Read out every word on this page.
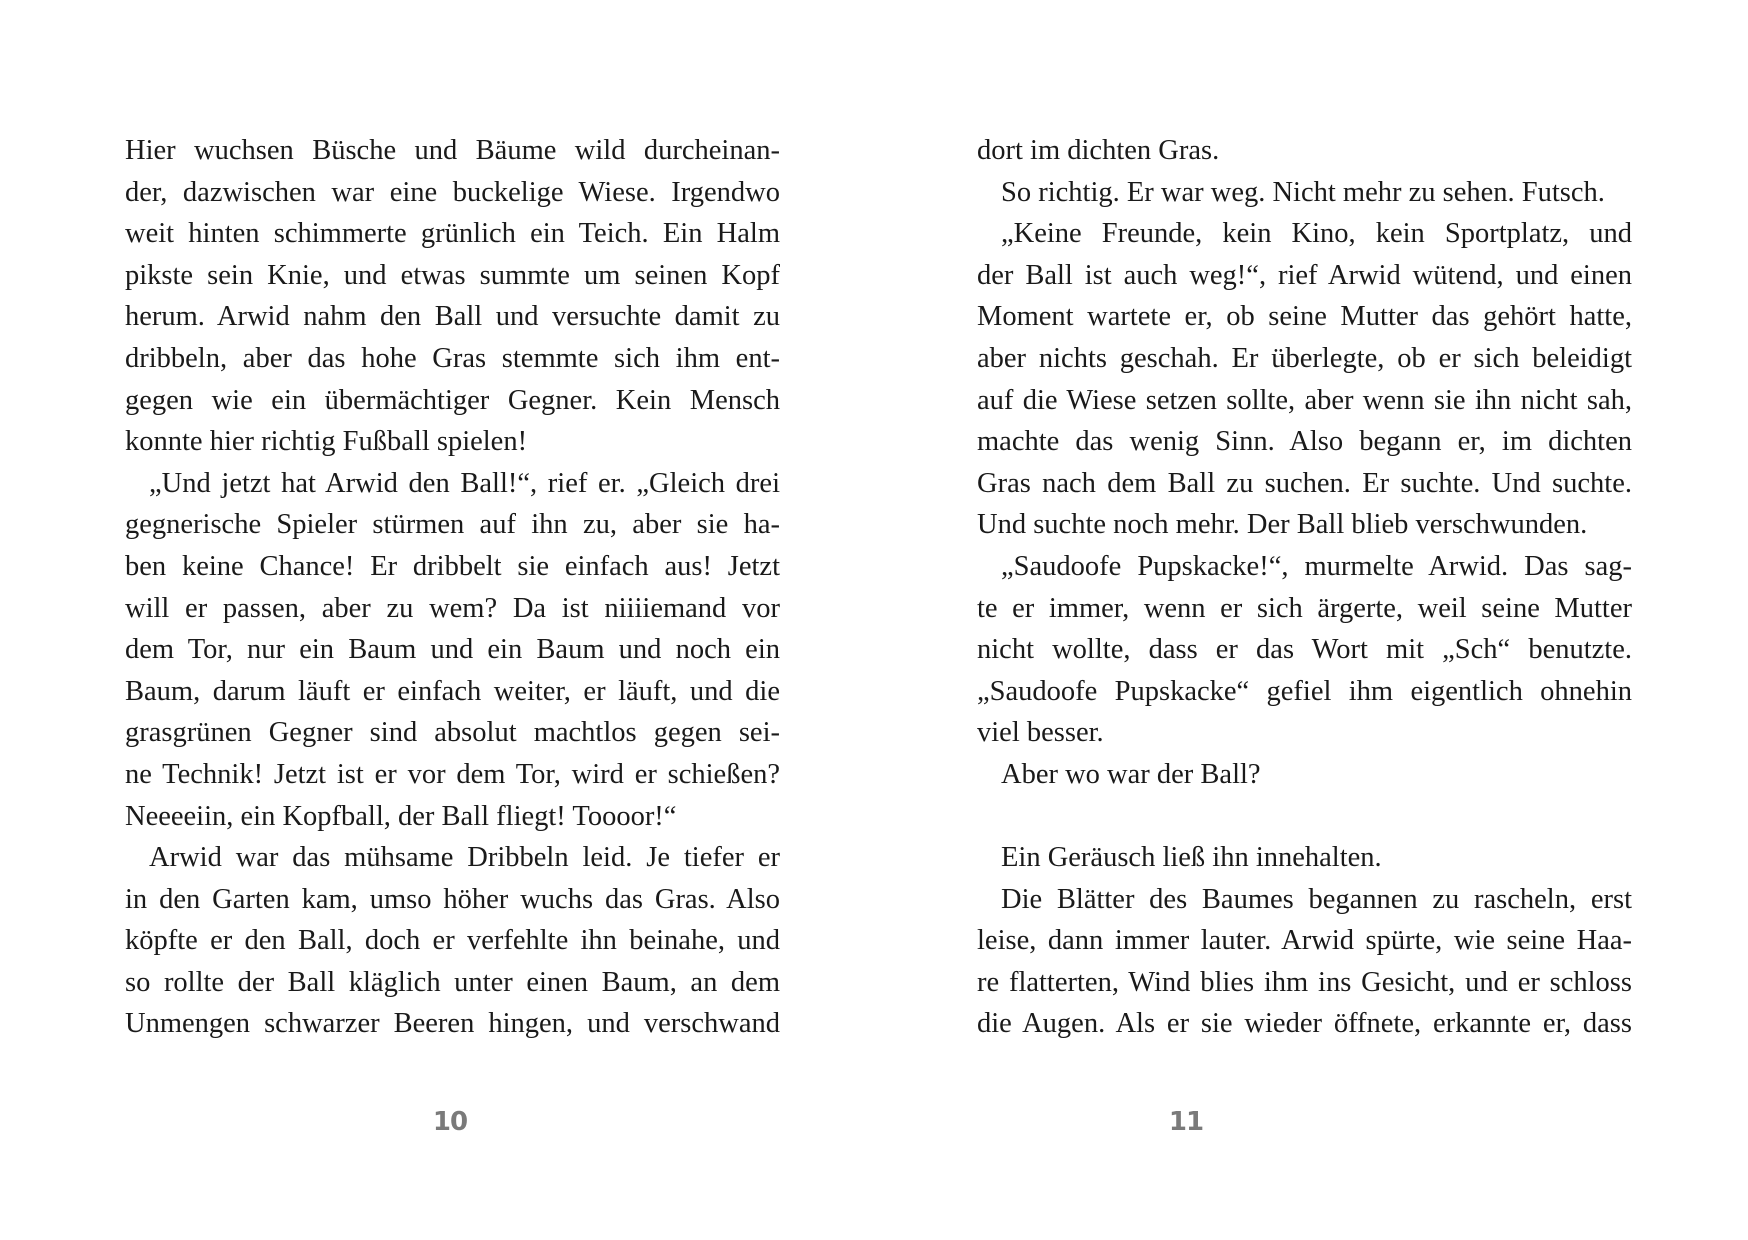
Hier wuchsen Büsche und Bäume wild durcheinan-
der, dazwischen war eine buckelige Wiese. Irgendwo
weit hinten schimmerte grünlich ein Teich. Ein Halm
pikste sein Knie, und etwas summte um seinen Kopf
herum. Arwid nahm den Ball und versuchte damit zu
dribbeln, aber das hohe Gras stemmte sich ihm ent-
gegen wie ein übermächtiger Gegner. Kein Mensch
konnte hier richtig Fußball spielen!
„Und jetzt hat Arwid den Ball!“, rief er. „Gleich drei
gegnerische Spieler stürmen auf ihn zu, aber sie ha-
ben keine Chance! Er dribbelt sie einfach aus! Jetzt
will er passen, aber zu wem? Da ist niiiiemand vor
dem Tor, nur ein Baum und ein Baum und noch ein
Baum, darum läuft er einfach weiter, er läuft, und die
grasgrünen Gegner sind absolut machtlos gegen sei-
ne Technik! Jetzt ist er vor dem Tor, wird er schießen?
Neeeeiin, ein Kopfball, der Ball fliegt! Toooor!“
Arwid war das mühsame Dribbeln leid. Je tiefer er
in den Garten kam, umso höher wuchs das Gras. Also
köpfte er den Ball, doch er verfehlte ihn beinahe, und
so rollte der Ball kläglich unter einen Baum, an dem
Unmengen schwarzer Beeren hingen, und verschwand
10
dort im dichten Gras.
So richtig. Er war weg. Nicht mehr zu sehen. Futsch.
„Keine Freunde, kein Kino, kein Sportplatz, und
der Ball ist auch weg!“, rief Arwid wütend, und einen
Moment wartete er, ob seine Mutter das gehört hatte,
aber nichts geschah. Er überlegte, ob er sich beleidigt
auf die Wiese setzen sollte, aber wenn sie ihn nicht sah,
machte das wenig Sinn. Also begann er, im dichten
Gras nach dem Ball zu suchen. Er suchte. Und suchte.
Und suchte noch mehr. Der Ball blieb verschwunden.
„Saudoofe Pupskacke!“, murmelte Arwid. Das sag-
te er immer, wenn er sich ärgerte, weil seine Mutter
nicht wollte, dass er das Wort mit „Sch“ benutzte.
„Saudoofe Pupskacke“ gefiel ihm eigentlich ohnehin
viel besser.
Aber wo war der Ball?
Ein Geräusch ließ ihn innehalten.
Die Blätter des Baumes begannen zu rascheln, erst
leise, dann immer lauter. Arwid spürte, wie seine Haa-
re flatterten, Wind blies ihm ins Gesicht, und er schloss
die Augen. Als er sie wieder öffnete, erkannte er, dass
11
